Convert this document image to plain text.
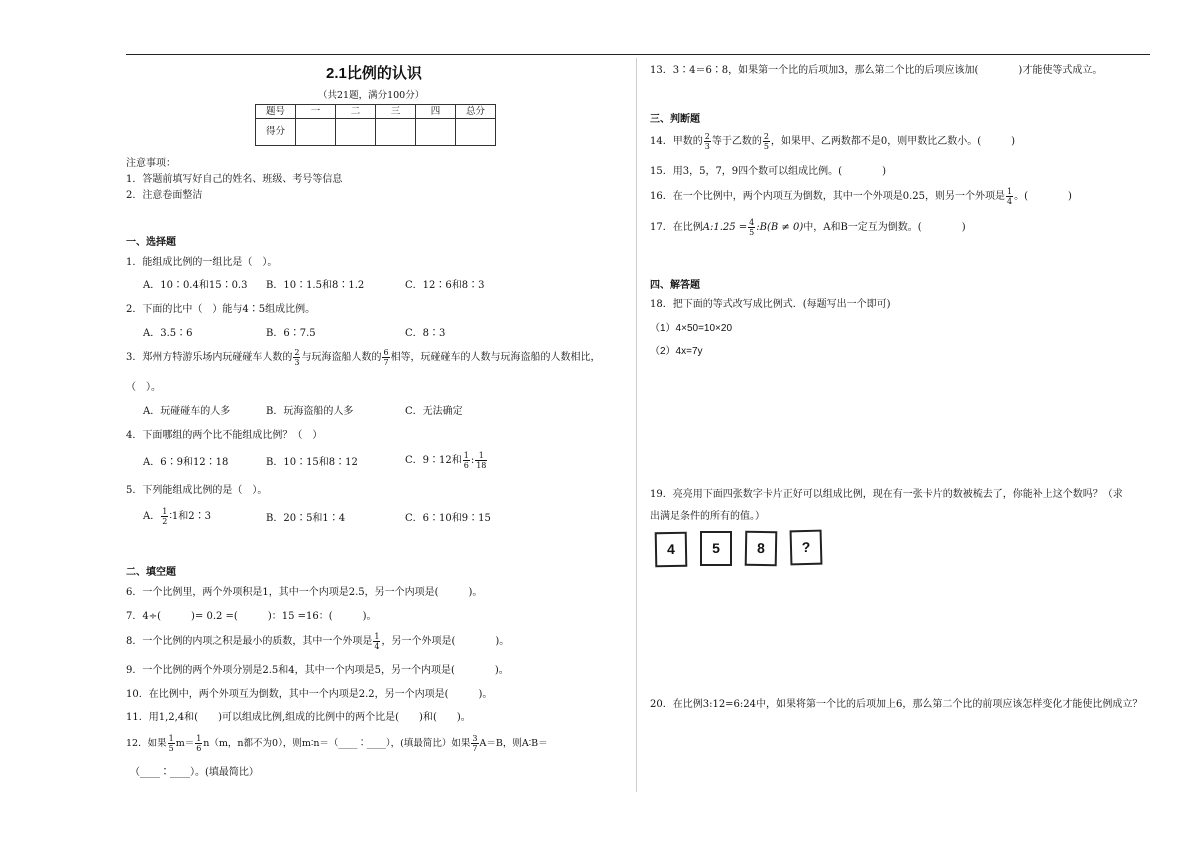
2.1比例的认识
（共21题，满分100分）
题号	一	二	三	四	总分
得分					
注意事项：
1．答题前填写好自己的姓名、班级、考号等信息
2．注意卷面整洁
一、选择题
1．能组成比例的一组比是（　）。
A．10∶0.4和15∶0.3 B．10∶1.5和8∶1.2	C．12∶6和8∶3
2．下面的比中（　）能与4∶5组成比例。
A．3.5∶6	B．6∶7.5	C．8∶3
3．郑州方特游乐场内玩碰碰车人数的 $\frac{2}{3}$ 与玩海盗船人数的 $\frac{6}{7}$ 相等，玩碰碰车的人数与玩海盗船的人数相比，
（　）。
A．玩碰碰车的人多	B．玩海盗船的人多	C．无法确定
4．下面哪组的两个比不能组成比例？（　）
A．6∶9和12∶18	B．10∶15和8∶12	C．9∶12和 $\frac{1}{6}$ : $\frac{1}{18}$
5．下列能组成比例的是（　）。
A． $\frac{1}{2}$ ∶1和2∶3	B．20∶5和1∶4	C．6∶10和9∶15
二、填空题
6．一个比例里，两个外项积是1，其中一个内项是2.5，另一个内项是(　　　)。
7．4÷(　　　)= 0.2 =(　　　)：15 =16：(　　　)。
8．一个比例的内项之积是最小的质数，其中一个外项是 $\frac{1}{4}$ ，另一个外项是(　　　　)。
9．一个比例的两个外项分别是2.5和4，其中一个内项是5，另一个内项是(　　　　)。
10．在比例中，两个外项互为倒数，其中一个内项是2.2，另一个内项是(　　　)。
11．用1,2,4和(　　)可以组成比例,组成的比例中的两个比是(　　)和(　　)。
12．如果 $\frac{1}{5} m= \frac{1}{6} n(m$，n都不为0），则m∶n＝（____∶____），(填最简比）如果 $\frac{3}{7} A=B$，则A∶B＝
（____∶____）。(填最简比）
13．3∶4＝6∶8，如果第一个比的后项加3，那么第二个比的后项应该加(　　　　)才能使等式成立。
三、判断题
14．甲数的 $\frac{2}{3}$ 等于乙数的 $\frac{2}{5}$ ，如果甲、乙两数都不是0，则甲数比乙数小。(　　　)
15．用3，5，7，9四个数可以组成比例。(　　　　)
16．在一个比例中，两个内项互为倒数，其中一个外项是0.25，则另一个外项是 $\frac{1}{4}$ 。(　　　　)
17．在比例A:1.25 = $\frac{4}{5}$ :B(B ≠ 0)中，A和B一定互为倒数。(　　　　)
四、解答题
18．把下面的等式改写成比例式．(每题写出一个即可)
（1）4×50=10×20
（2）4x=7y
19．亮亮用下面四张数字卡片正好可以组成比例，现在有一张卡片的数被梳去了，你能补上这个数吗？（求
出满足条件的所有的值。）
4	5	8	?
20．在比例3:12=6:24中，如果将第一个比的后项加上6，那么第二个比的前项应该怎样变化才能使比例成立？
